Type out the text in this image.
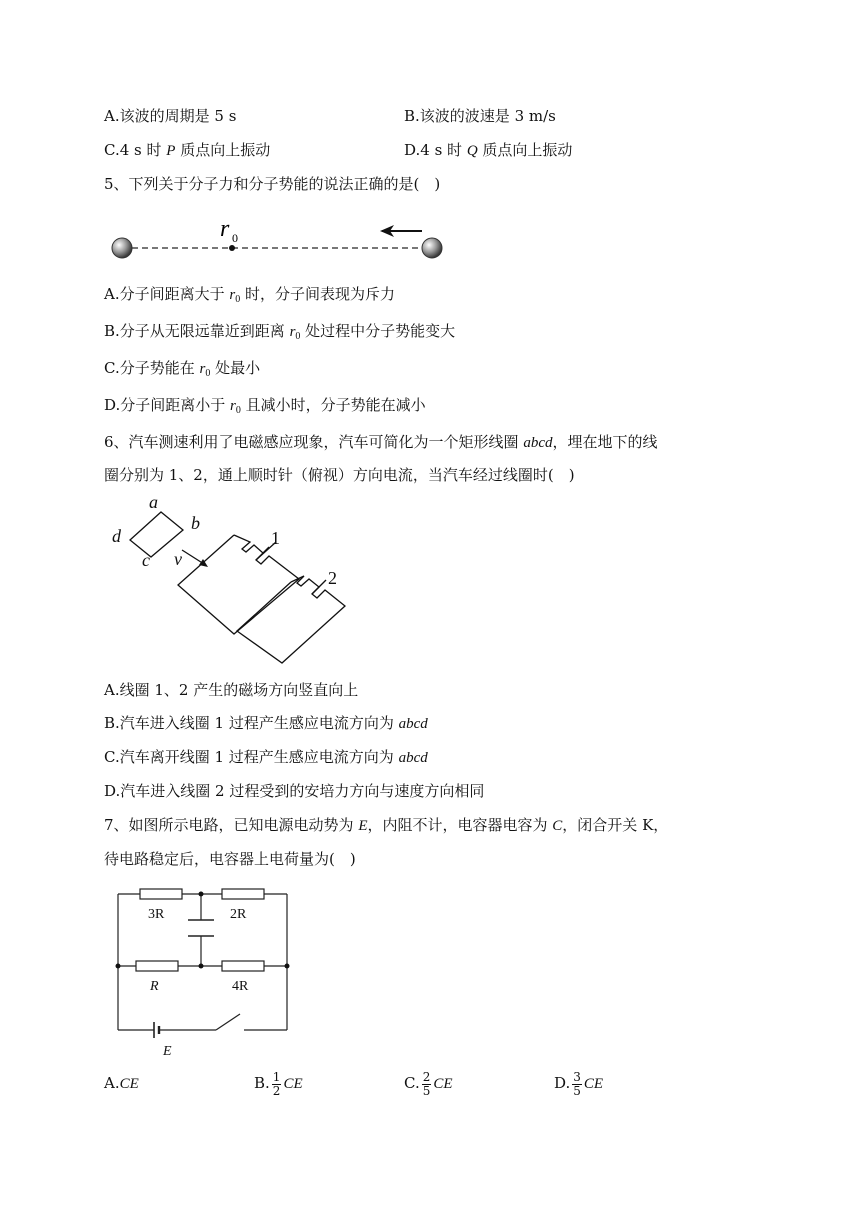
A.该波的周期是 5 s	B.该波的波速是 3 m/s
C.4 s 时 P 质点向上振动	D.4 s 时 Q 质点向上振动
5、下列关于分子力和分子势能的说法正确的是( )
r 0
A.分子间距离大于 $r_0$ 时，分子间表现为斥力
B.分子从无限远靠近到距离 $r_0$ 处过程中分子势能变大
C.分子势能在 $r_0$ 处最小
D.分子间距离小于 $r_0$ 且减小时，分子势能在减小
6、汽车测速利用了电磁感应现象，汽车可简化为一个矩形线圈 abcd，埋在地下的线
圈分别为 1、2，通上顺时针（俯视）方向电流，当汽车经过线圈时( )
a
b
c
d
v
1
2
A.线圈 1、2 产生的磁场方向竖直向上
B.汽车进入线圈 1 过程产生感应电流方向为 abcd
C.汽车离开线圈 1 过程产生感应电流方向为 abcd
D.汽车进入线圈 2 过程受到的安培力方向与速度方向相同
7、如图所示电路，已知电源电动势为 E，内阻不计，电容器电容为 C，闭合开关 K，
待电路稳定后，电容器上电荷量为( )
3R	2R
R	4R
E
A.CE	B. $\frac{1}{2}$ CE	C. $\frac{2}{5}$ CE	D. $\frac{3}{5}$ CE
